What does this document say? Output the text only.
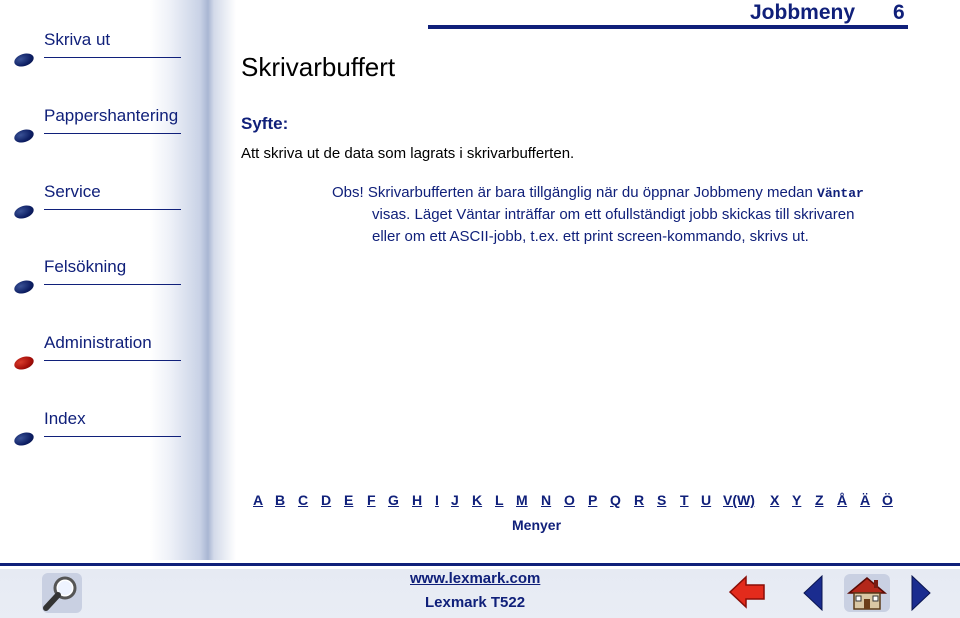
Skriva ut
Pappershantering
Service
Felsökning
Administration
Index
Jobbmeny 6
Skrivarbuffert
Syfte:
Att skriva ut de data som lagrats i skrivarbufferten.
Obs! Skrivarbufferten är bara tillgänglig när du öppnar Jobbmeny medan Väntar
visas. Läget Väntar inträffar om ett ofullständigt jobb skickas till skrivaren
eller om ett ASCII-jobb, t.ex. ett print screen-kommando, skrivs ut.
A B C D E F G H I J K L M N O P Q R S T U V(W) X Y Z Å Ä Ö
Menyer
www.lexmark.com
Lexmark T522
